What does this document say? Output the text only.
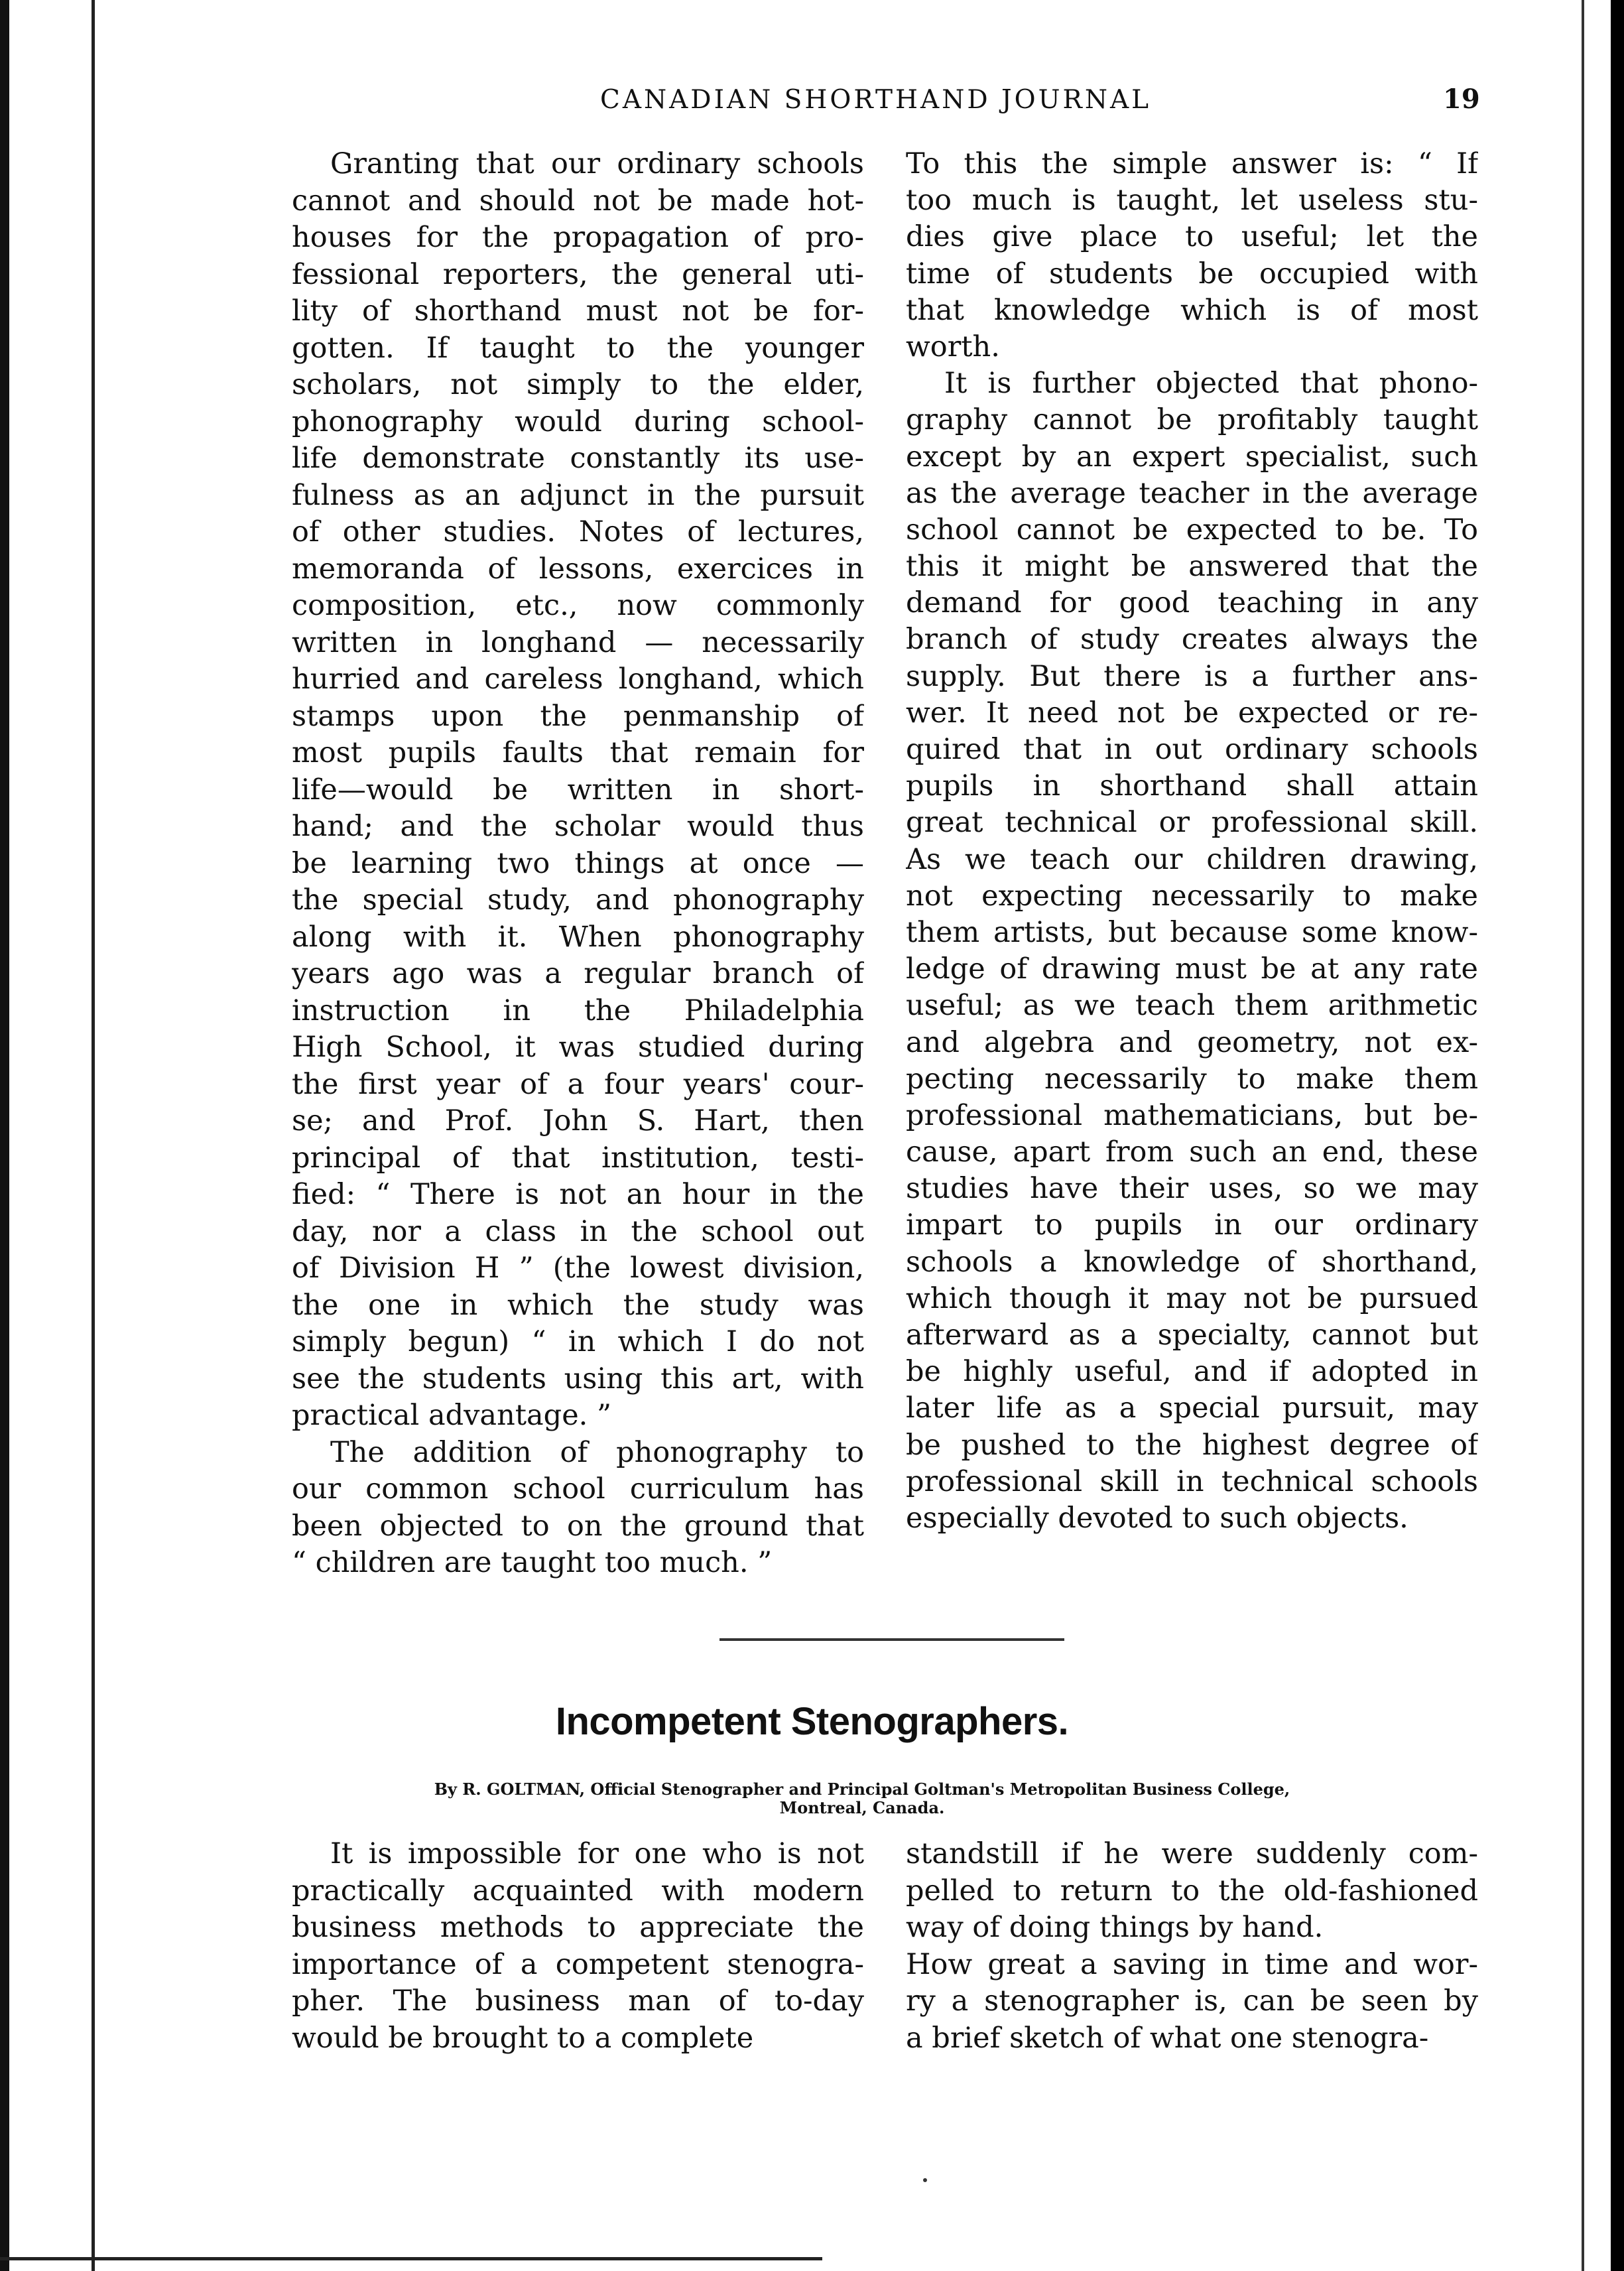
CANADIAN SHORTHAND JOURNAL	19
Granting that our ordinary schools
cannot and should not be made hot-
houses for the propagation of pro-
fessional reporters, the general uti-
lity of shorthand must not be for-
gotten. If taught to the younger
scholars, not simply to the elder,
phonography would during school-
life demonstrate constantly its use-
fulness as an adjunct in the pursuit
of other studies. Notes of lectures,
memoranda of lessons, exercices in
composition, etc., now commonly
written in longhand — necessarily
hurried and careless longhand, which
stamps upon the penmanship of
most pupils faults that remain for
life—would be written in short-
hand; and the scholar would thus
be learning two things at once —
the special study, and phonography
along with it. When phonography
years ago was a regular branch of
instruction in the Philadelphia
High School, it was studied during
the first year of a four years' cour-
se; and Prof. John S. Hart, then
principal of that institution, testi-
fied: “ There is not an hour in the
day, nor a class in the school out
of Division H ” (the lowest division,
the one in which the study was
simply begun) “ in which I do not
see the students using this art, with
practical advantage. ”
The addition of phonography to
our common school curriculum has
been objected to on the ground that
“ children are taught too much. ”
To this the simple answer is: “ If
too much is taught, let useless stu-
dies give place to useful; let the
time of students be occupied with
that knowledge which is of most
worth.
It is further objected that phono-
graphy cannot be profitably taught
except by an expert specialist, such
as the average teacher in the average
school cannot be expected to be. To
this it might be answered that the
demand for good teaching in any
branch of study creates always the
supply. But there is a further ans-
wer. It need not be expected or re-
quired that in out ordinary schools
pupils in shorthand shall attain
great technical or professional skill.
As we teach our children drawing,
not expecting necessarily to make
them artists, but because some know-
ledge of drawing must be at any rate
useful; as we teach them arithmetic
and algebra and geometry, not ex-
pecting necessarily to make them
professional mathematicians, but be-
cause, apart from such an end, these
studies have their uses, so we may
impart to pupils in our ordinary
schools a knowledge of shorthand,
which though it may not be pursued
afterward as a specialty, cannot but
be highly useful, and if adopted in
later life as a special pursuit, may
be pushed to the highest degree of
professional skill in technical schools
especially devoted to such objects.
Incompetent Stenographers.
By R. GOLTMAN, Official Stenographer and Principal Goltman's Metropolitan Business College,
Montreal, Canada.
It is impossible for one who is not
practically acquainted with modern
business methods to appreciate the
importance of a competent stenogra-
pher. The business man of to-day
would be brought to a complete
standstill if he were suddenly com-
pelled to return to the old-fashioned
way of doing things by hand.
How great a saving in time and wor-
ry a stenographer is, can be seen by
a brief sketch of what one stenogra-
